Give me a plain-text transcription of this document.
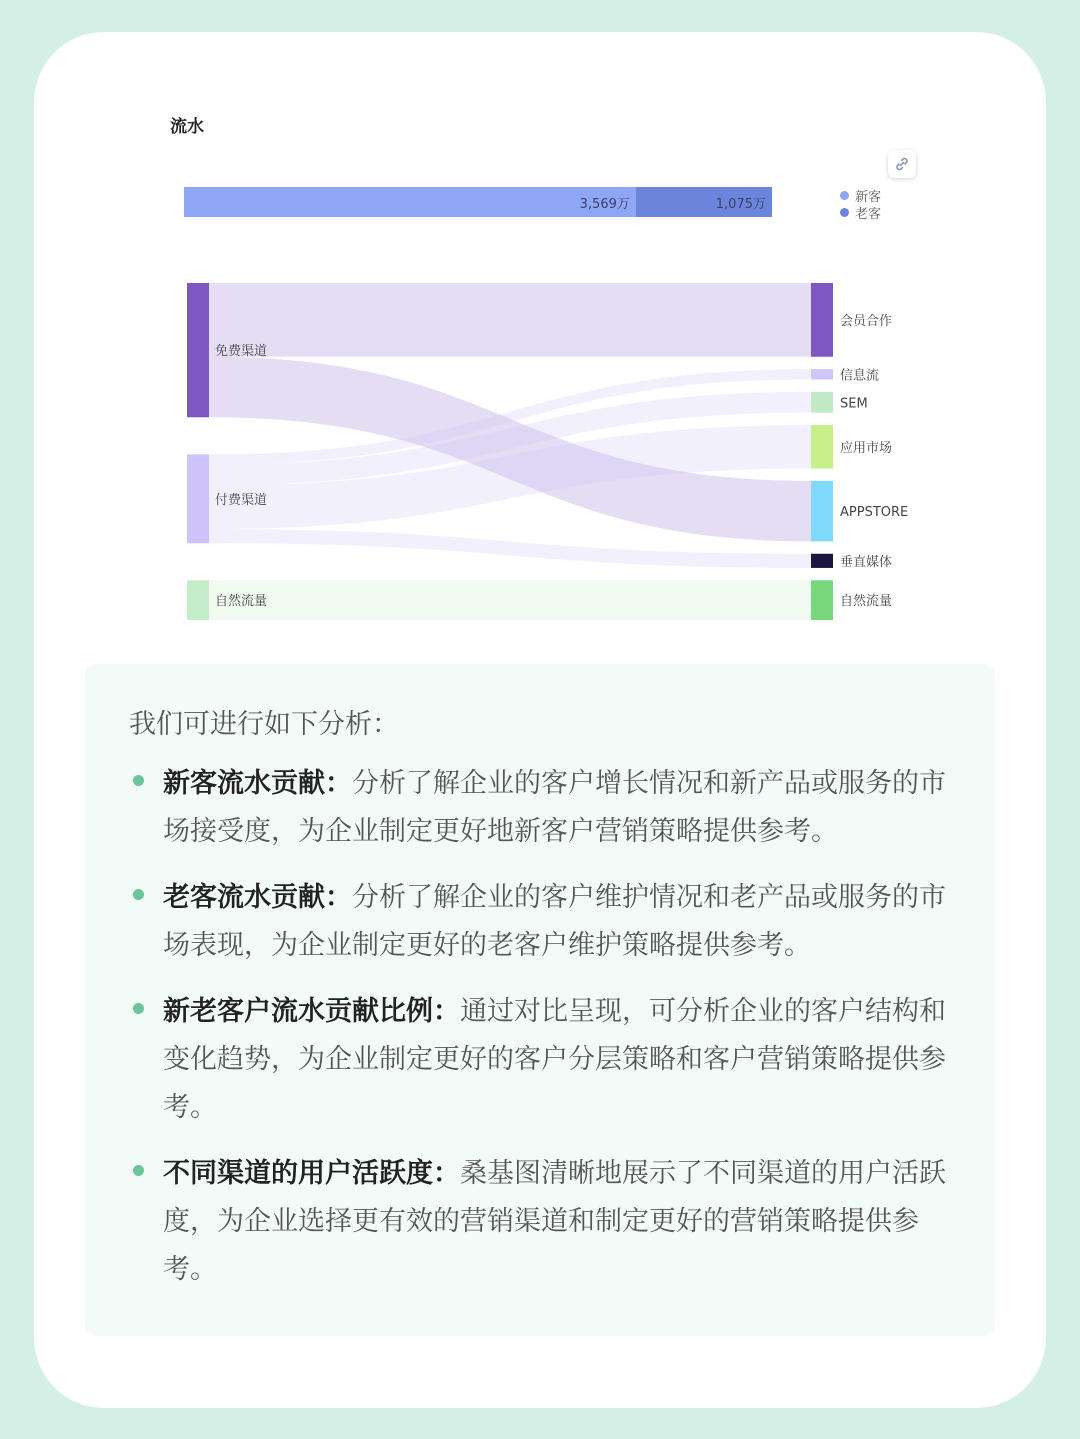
流水
3,569万	1,075万	新客
老客
免费渠道
付费渠道
自然流量
会员合作
信息流
SEM
应用市场
APPSTORE
垂直媒体
自然流量
我们可进行如下分析：
新客流水贡献：分析了解企业的客户增长情况和新产品或服务的市场接受度，为企业制定更好地新客户营销策略提供参考。
老客流水贡献：分析了解企业的客户维护情况和老产品或服务的市场表现，为企业制定更好的老客户维护策略提供参考。
新老客户流水贡献比例：通过对比呈现，可分析企业的客户结构和变化趋势，为企业制定更好的客户分层策略和客户营销策略提供参考。
不同渠道的用户活跃度：桑基图清晰地展示了不同渠道的用户活跃度，为企业选择更有效的营销渠道和制定更好的营销策略提供参考。
